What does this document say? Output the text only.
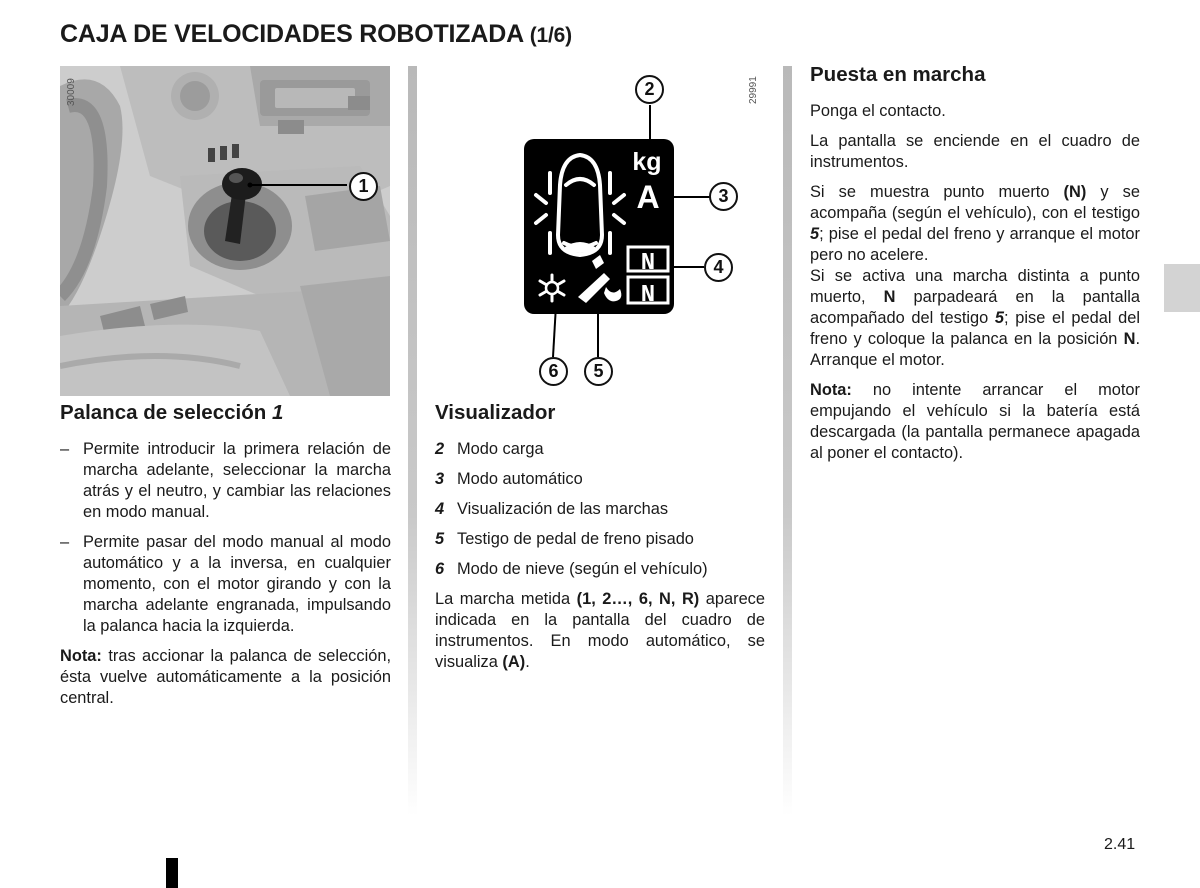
CAJA DE VELOCIDADES ROBOTIZADA (1/6)
1
30009
kg
A
N
N
2
3
4
6	5
29991
Palanca de selección 1
– Permite introducir la primera relación de marcha adelante, seleccionar la marcha atrás y el neutro, y cambiar las relaciones en modo manual.
– Permite pasar del modo manual al modo automático y a la inversa, en cualquier momento, con el motor girando y con la marcha adelante engranada, impulsando la palanca hacia la izquierda.

Nota: tras accionar la palanca de selección, ésta vuelve automáticamente a la posición central.

Visualizador
2 Modo carga
3 Modo automático
4 Visualización de las marchas
5 Testigo de pedal de freno pisado
6 Modo de nieve (según el vehículo)

La marcha metida (1, 2…, 6, N, R) aparece indicada en la pantalla del cuadro de instrumentos. En modo automático, se visualiza (A).

Puesta en marcha

Ponga el contacto.

La pantalla se enciende en el cuadro de instrumentos.

Si se muestra punto muerto (N) y se acompaña (según el vehículo), con el testigo 5; pise el pedal del freno y arranque el motor pero no acelere.

Si se activa una marcha distinta a punto muerto, N parpadeará en la pantalla acompañado del testigo 5; pise el pedal del freno y coloque la palanca en la posición N. Arranque el motor.

Nota: no intente arrancar el motor empujando el vehículo si la batería está descargada (la pantalla permanece apagada al poner el contacto).

2.41
